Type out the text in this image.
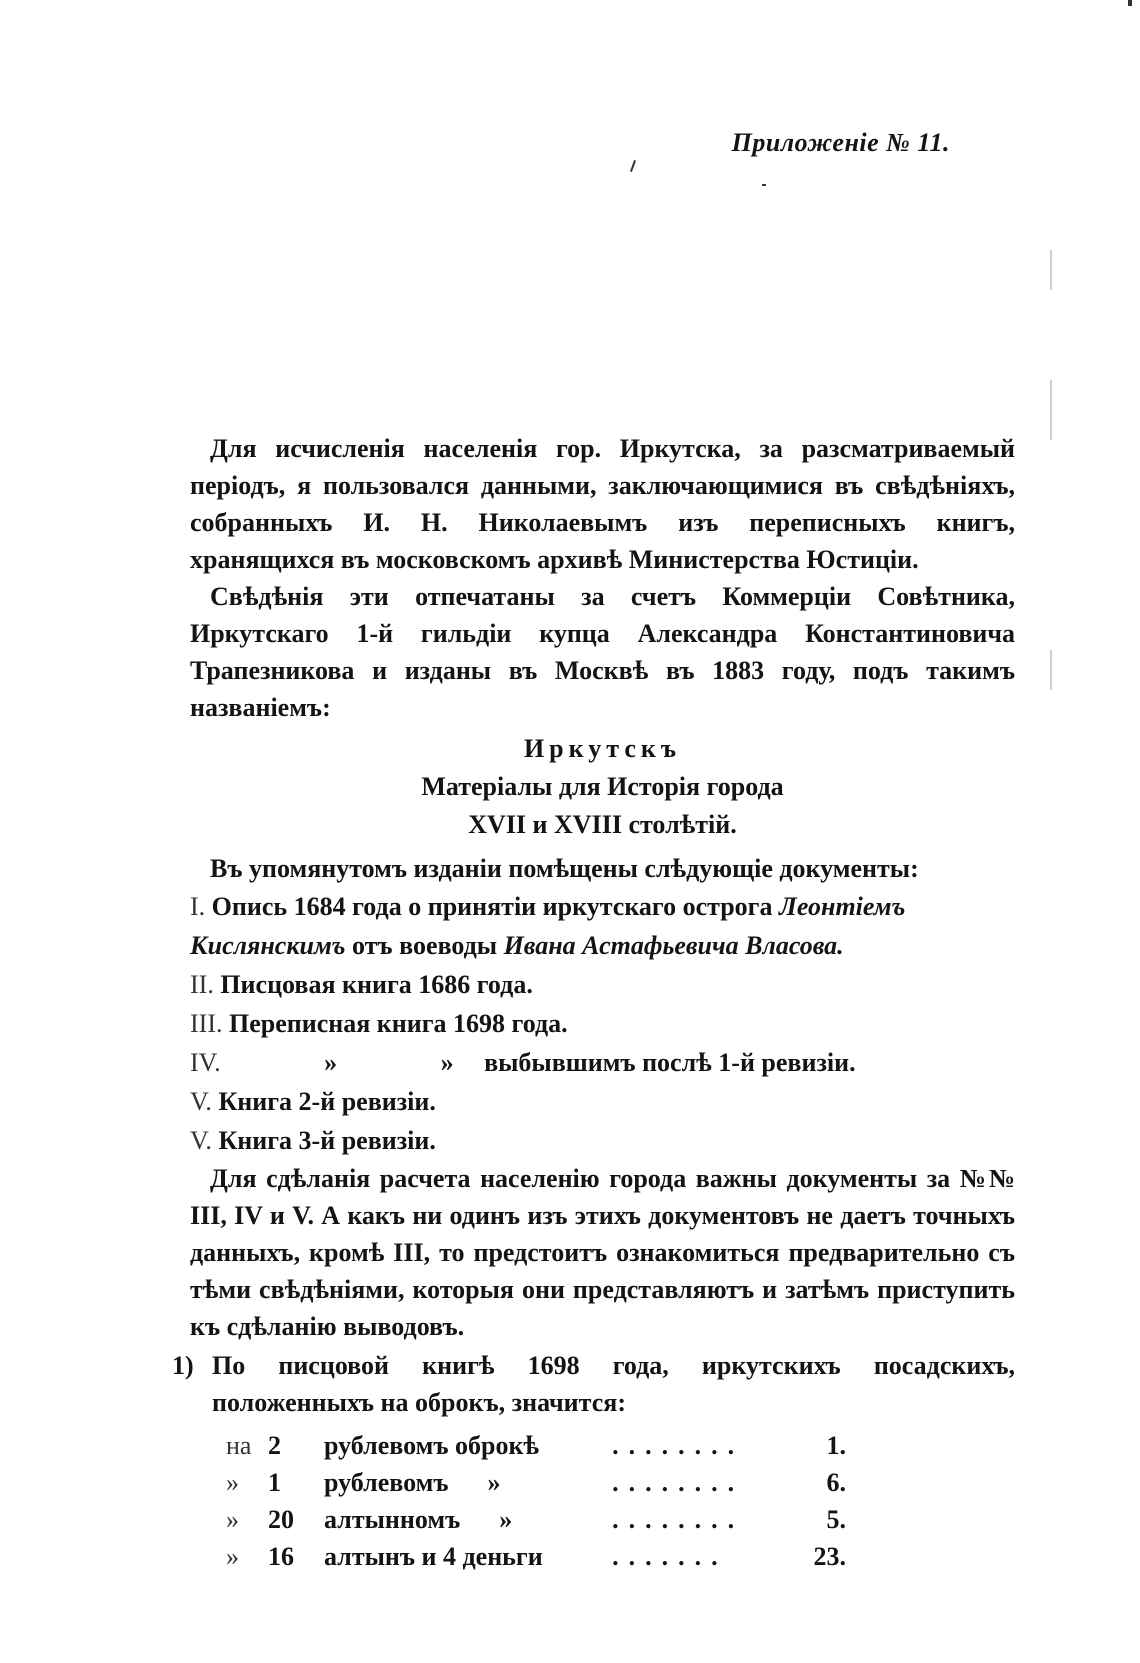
Приложеніе № 11.

Для исчисленія населенія гор. Иркутска, за разсматриваемый періодъ, я пользовался данными, заключающимися въ свѣдѣніяхъ, собранныхъ И. Н. Николаевымъ изъ переписныхъ книгъ, хранящихся въ московскомъ архивѣ Министерства Юстиціи.

Свѣдѣнія эти отпечатаны за счетъ Коммерціи Совѣтника, Иркутскаго 1-й гильдіи купца Александра Константиновича Трапезникова и изданы въ Москвѣ въ 1883 году, подъ такимъ названіемъ:

Иркутскъ
Матеріалы для Исторія города
XVII и XVIII столѣтій.

Въ упомянутомъ изданіи помѣщены слѣдующіе документы:

I. Опись 1684 года о принятіи иркутскаго острога Леонтіемъ Кислянскимъ отъ воеводы Ивана Астафьевича Власова.

II. Писцовая книга 1686 года.

III. Переписная книга 1698 года.

IV.	»	» выбывшимъ послѣ 1-й ревизіи.

V. Книга 2-й ревизіи.

V. Книга 3-й ревизіи.

Для сдѣланія расчета населенію города важны документы за №№ III, IV и V. А какъ ни одинъ изъ этихъ документовъ не даетъ точныхъ данныхъ, кромѣ III, то предстоитъ ознакомиться предварительно съ тѣми свѣдѣніями, которыя они представляютъ и затѣмъ приступить къ сдѣланію выводовъ.

1) По писцовой книгѣ 1698 года, иркутскихъ посадскихъ, положенныхъ на оброкъ, значится:
на	2	рублевомъ оброкѣ	........	1.
»	1	рублевомъ      »	........	6.
»	20	алтынномъ      »	........	5.
»	16	алтынъ и 4 деньги	.......	23.
